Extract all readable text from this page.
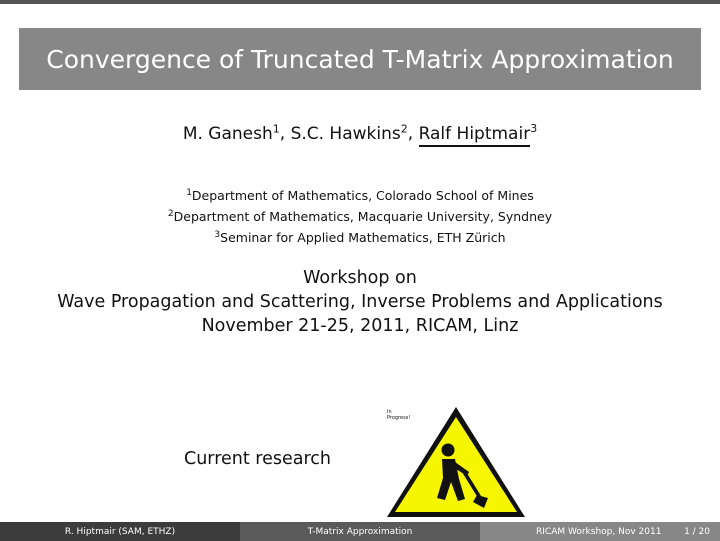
Convergence of Truncated T-Matrix Approximation
M. Ganesh$^1$, S.C. Hawkins$^2$, Ralf Hiptmair$^3$
$^1$Department of Mathematics, Colorado School of Mines
$^2$Department of Mathematics, Macquarie University, Syndney
$^3$Seminar for Applied Mathematics, ETH Zürich
Workshop on
Wave Propagation and Scattering, Inverse Problems and Applications
November 21-25, 2011, RICAM, Linz
Current research
In
Progress!
R. Hiptmair (SAM, ETHZ)	T-Matrix Approximation	RICAM Workshop, Nov 2011	1 / 20
